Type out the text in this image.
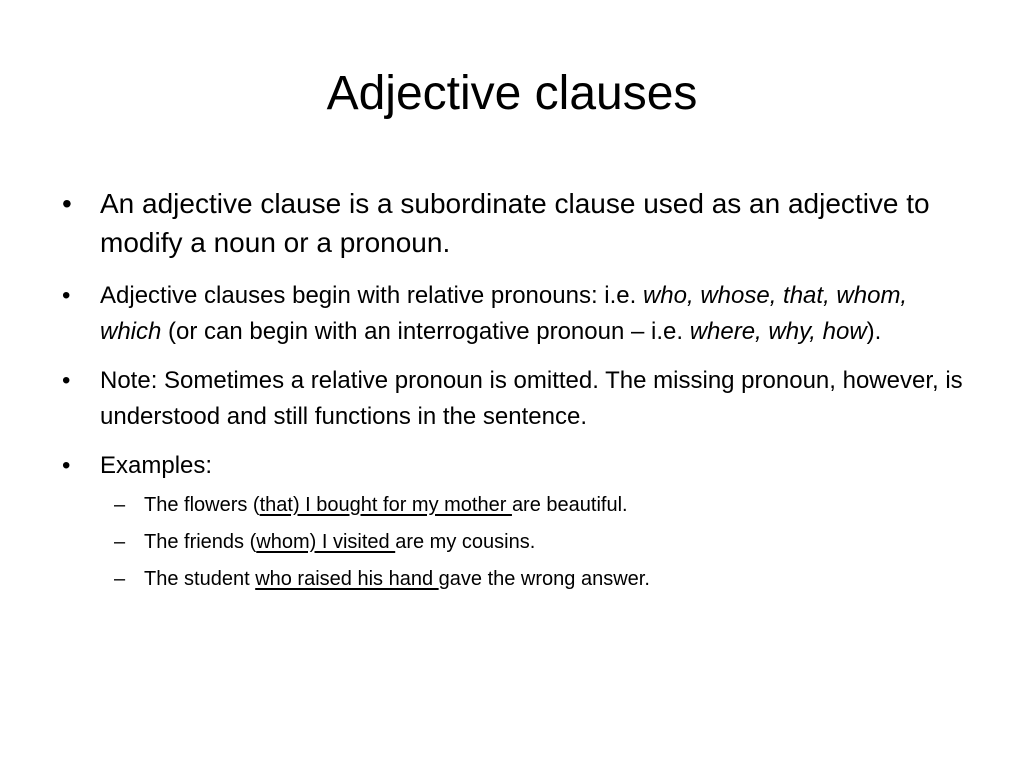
Adjective clauses

• An adjective clause is a subordinate clause used as an adjective to modify a noun or a pronoun.

• Adjective clauses begin with relative pronouns: i.e. who, whose, that, whom, which (or can begin with an interrogative pronoun – i.e. where, why, how).

• Note: Sometimes a relative pronoun is omitted. The missing pronoun, however, is understood and still functions in the sentence.

• Examples:

– The flowers (that) I bought for my mother are beautiful.

– The friends (whom) I visited are my cousins.

– The student who raised his hand gave the wrong answer.
